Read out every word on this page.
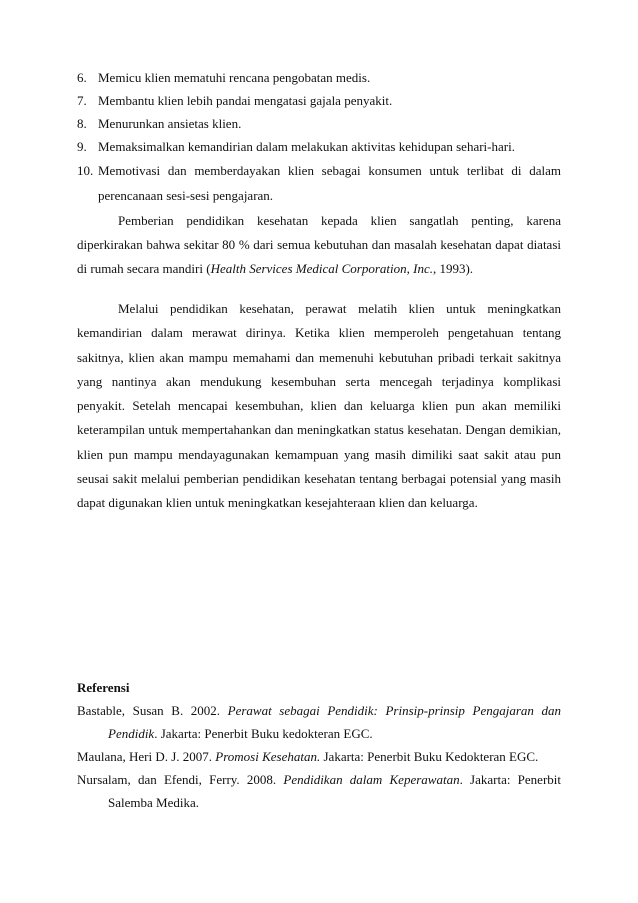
6. Memicu klien mematuhi rencana pengobatan medis.
7. Membantu klien lebih pandai mengatasi gajala penyakit.
8. Menurunkan ansietas klien.
9. Memaksimalkan kemandirian dalam melakukan aktivitas kehidupan sehari-hari.
10. Memotivasi dan memberdayakan klien sebagai konsumen untuk terlibat di dalam perencanaan sesi-sesi pengajaran.

Pemberian pendidikan kesehatan kepada klien sangatlah penting, karena diperkirakan bahwa sekitar 80 % dari semua kebutuhan dan masalah kesehatan dapat diatasi di rumah secara mandiri (Health Services Medical Corporation, Inc., 1993).

Melalui pendidikan kesehatan, perawat melatih klien untuk meningkatkan kemandirian dalam merawat dirinya. Ketika klien memperoleh pengetahuan tentang sakitnya, klien akan mampu memahami dan memenuhi kebutuhan pribadi terkait sakitnya yang nantinya akan mendukung kesembuhan serta mencegah terjadinya komplikasi penyakit. Setelah mencapai kesembuhan, klien dan keluarga klien pun akan memiliki keterampilan untuk mempertahankan dan meningkatkan status kesehatan. Dengan demikian, klien pun mampu mendayagunakan kemampuan yang masih dimiliki saat sakit atau pun seusai sakit melalui pemberian pendidikan kesehatan tentang berbagai potensial yang masih dapat digunakan klien untuk meningkatkan kesejahteraan klien dan keluarga.

Referensi

Bastable, Susan B. 2002. Perawat sebagai Pendidik: Prinsip-prinsip Pengajaran dan Pendidik. Jakarta: Penerbit Buku kedokteran EGC.

Maulana, Heri D. J. 2007. Promosi Kesehatan. Jakarta: Penerbit Buku Kedokteran EGC.

Nursalam, dan Efendi, Ferry. 2008. Pendidikan dalam Keperawatan. Jakarta: Penerbit Salemba Medika.
